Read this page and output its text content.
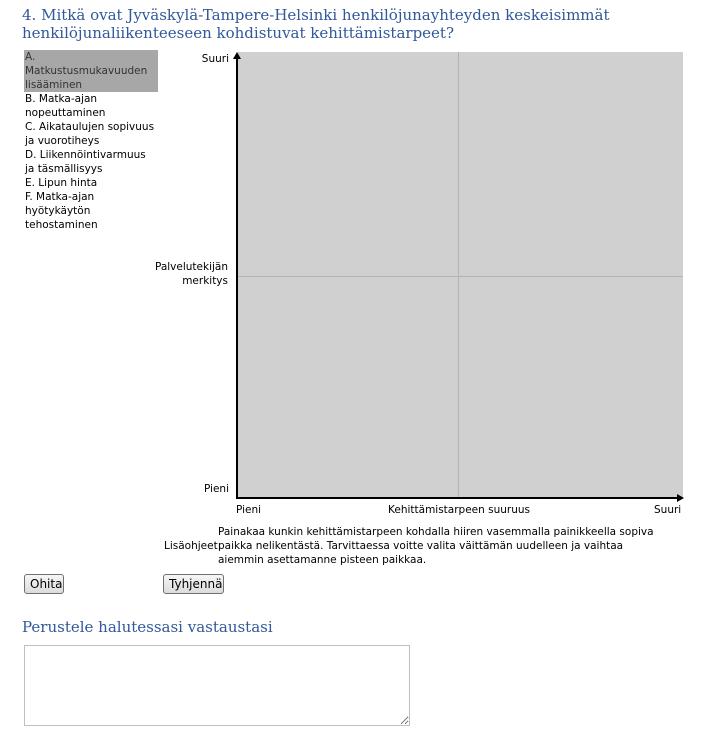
4. Mitkä ovat Jyväskylä-Tampere-Helsinki henkilöjunayhteyden keskeisimmät henkilöjunaliikenteeseen kohdistuvat kehittämistarpeet?
A. Matkustusmukavuuden lisääminen
B. Matka-ajan nopeuttaminen
C. Aikataulujen sopivuus ja vuorotiheys
D. Liikennöintivarmuus ja täsmällisyys
E. Lipun hinta
F. Matka-ajan hyötykäytön tehostaminen
Suuri
Palvelutekijän merkitys
Pieni
Pieni	Kehittämistarpeen suuruus	Suuri
Lisäohjeet:
Painakaa kunkin kehittämistarpeen kohdalla hiiren vasemmalla painikkeella sopiva paikka nelikentästä. Tarvittaessa voitte valita väittämän uudelleen ja vaihtaa aiemmin asettamanne pisteen paikkaa.
Ohita	Tyhjennä
Perustele halutessasi vastaustasi
